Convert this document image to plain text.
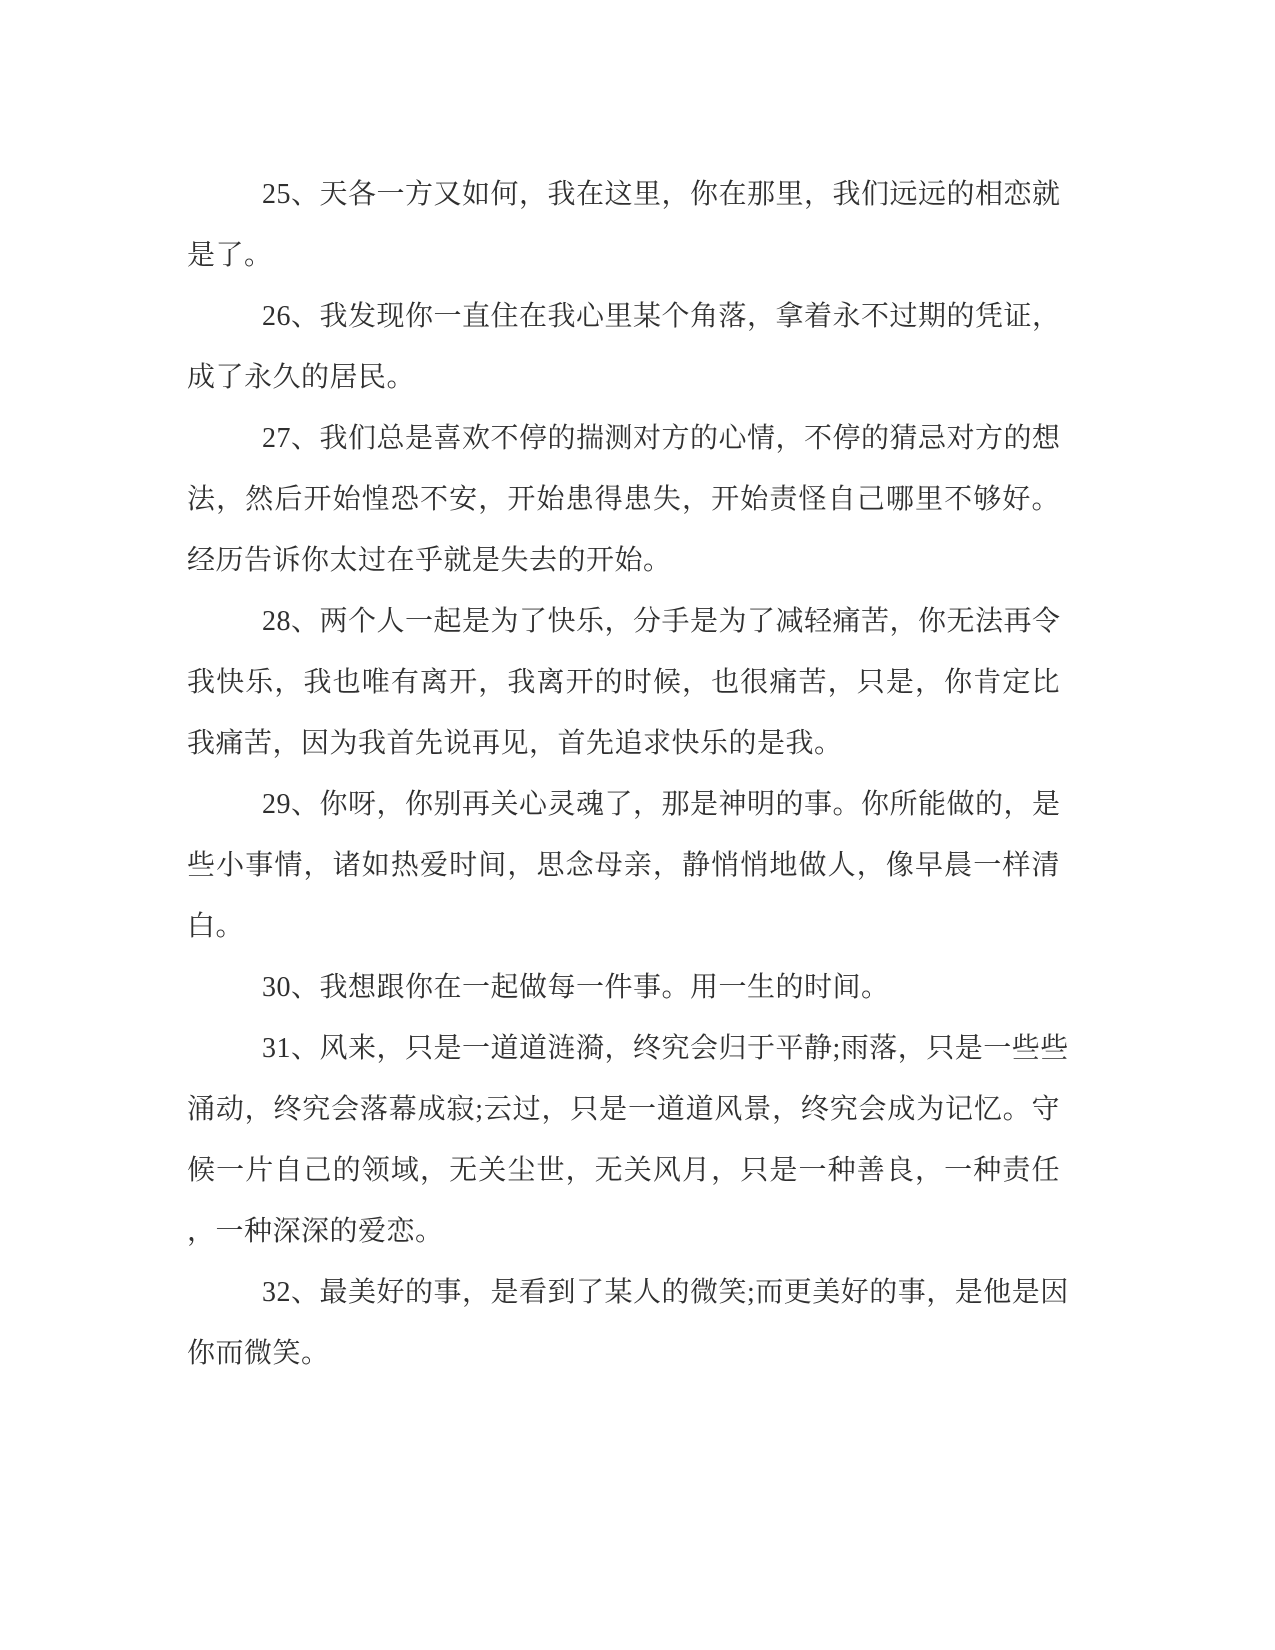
25、天各一方又如何，我在这里，你在那里，我们远远的相恋就
是了。
26、我发现你一直住在我心里某个角落，拿着永不过期的凭证，
成了永久的居民。
27、我们总是喜欢不停的揣测对方的心情，不停的猜忌对方的想
法，然后开始惶恐不安，开始患得患失，开始责怪自己哪里不够好。
经历告诉你太过在乎就是失去的开始。
28、两个人一起是为了快乐，分手是为了减轻痛苦，你无法再令
我快乐，我也唯有离开，我离开的时候，也很痛苦，只是，你肯定比
我痛苦，因为我首先说再见，首先追求快乐的是我。
29、你呀，你别再关心灵魂了，那是神明的事。你所能做的，是
些小事情，诸如热爱时间，思念母亲，静悄悄地做人，像早晨一样清
白。
30、我想跟你在一起做每一件事。用一生的时间。
31、风来，只是一道道涟漪，终究会归于平静;雨落，只是一些些
涌动，终究会落幕成寂;云过，只是一道道风景，终究会成为记忆。守
候一片自己的领域，无关尘世，无关风月，只是一种善良，一种责任
，一种深深的爱恋。
32、最美好的事，是看到了某人的微笑;而更美好的事，是他是因
你而微笑。
